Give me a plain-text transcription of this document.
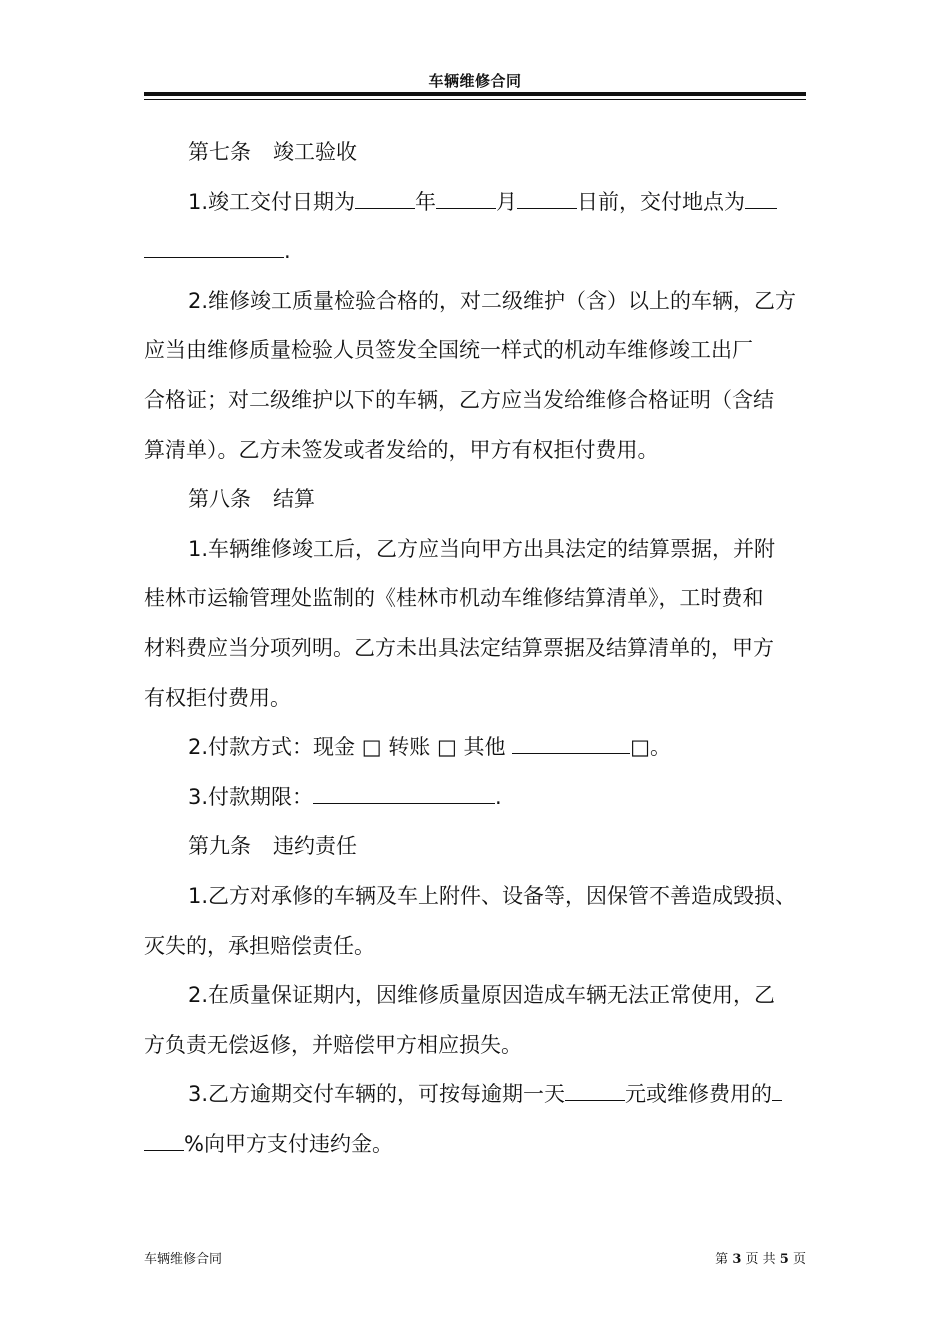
车辆维修合同

第七条 竣工验收

1.竣工交付日期为	年	月	日前，交付地点为

.

2.维修竣工质量检验合格的，对二级维护（含）以上的车辆，乙方

应当由维修质量检验人员签发全国统一样式的机动车维修竣工出厂

合格证；对二级维护以下的车辆，乙方应当发给维修合格证明（含结

算清单）。乙方未签发或者发给的，甲方有权拒付费用。

第八条 结算

1.车辆维修竣工后，乙方应当向甲方出具法定的结算票据，并附

桂林市运输管理处监制的《桂林市机动车维修结算清单》，工时费和

材料费应当分项列明。乙方未出具法定结算票据及结算清单的，甲方

有权拒付费用。

2.付款方式：现金 □ 转账 □ 其他	□。

3.付款期限：	.

第九条 违约责任

1.乙方对承修的车辆及车上附件、设备等，因保管不善造成毁损、

灭失的，承担赔偿责任。

2.在质量保证期内，因维修质量原因造成车辆无法正常使用，乙

方负责无偿返修，并赔偿甲方相应损失。

3.乙方逾期交付车辆的，可按每逾期一天	元或维修费用的

%向甲方支付违约金。

车辆维修合同	第 3 页 共 5 页
